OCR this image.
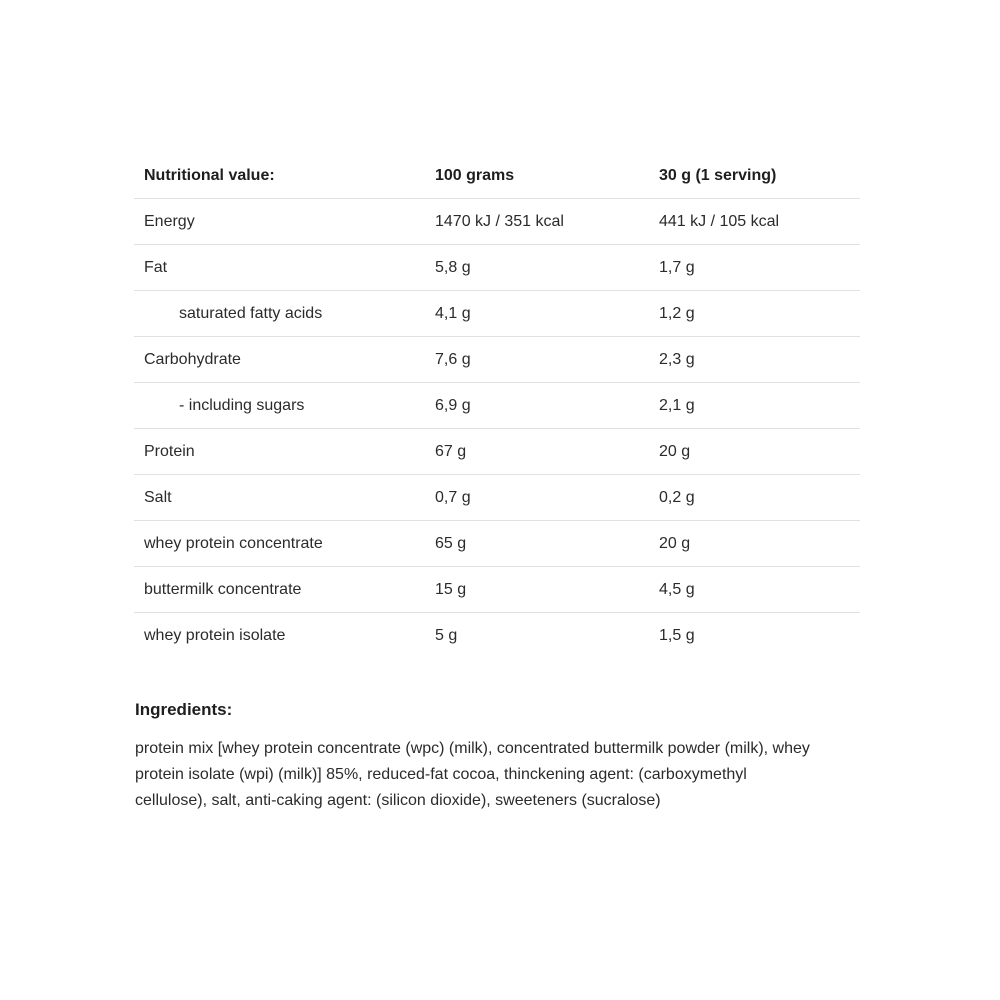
Nutritional value:	100 grams	30 g (1 serving)
Energy	1470 kJ / 351 kcal	441 kJ / 105 kcal
Fat	5,8 g	1,7 g
saturated fatty acids	4,1 g	1,2 g
Carbohydrate	7,6 g	2,3 g
- including sugars	6,9 g	2,1 g
Protein	67 g	20 g
Salt	0,7 g	0,2 g
whey protein concentrate	65 g	20 g
buttermilk concentrate	15 g	4,5 g
whey protein isolate	5 g	1,5 g
Ingredients:

protein mix [whey protein concentrate (wpc) (milk), concentrated buttermilk powder (milk), whey protein isolate (wpi) (milk)] 85%, reduced-fat cocoa, thinckening agent: (carboxymethyl cellulose), salt, anti-caking agent: (silicon dioxide), sweeteners (sucralose)
